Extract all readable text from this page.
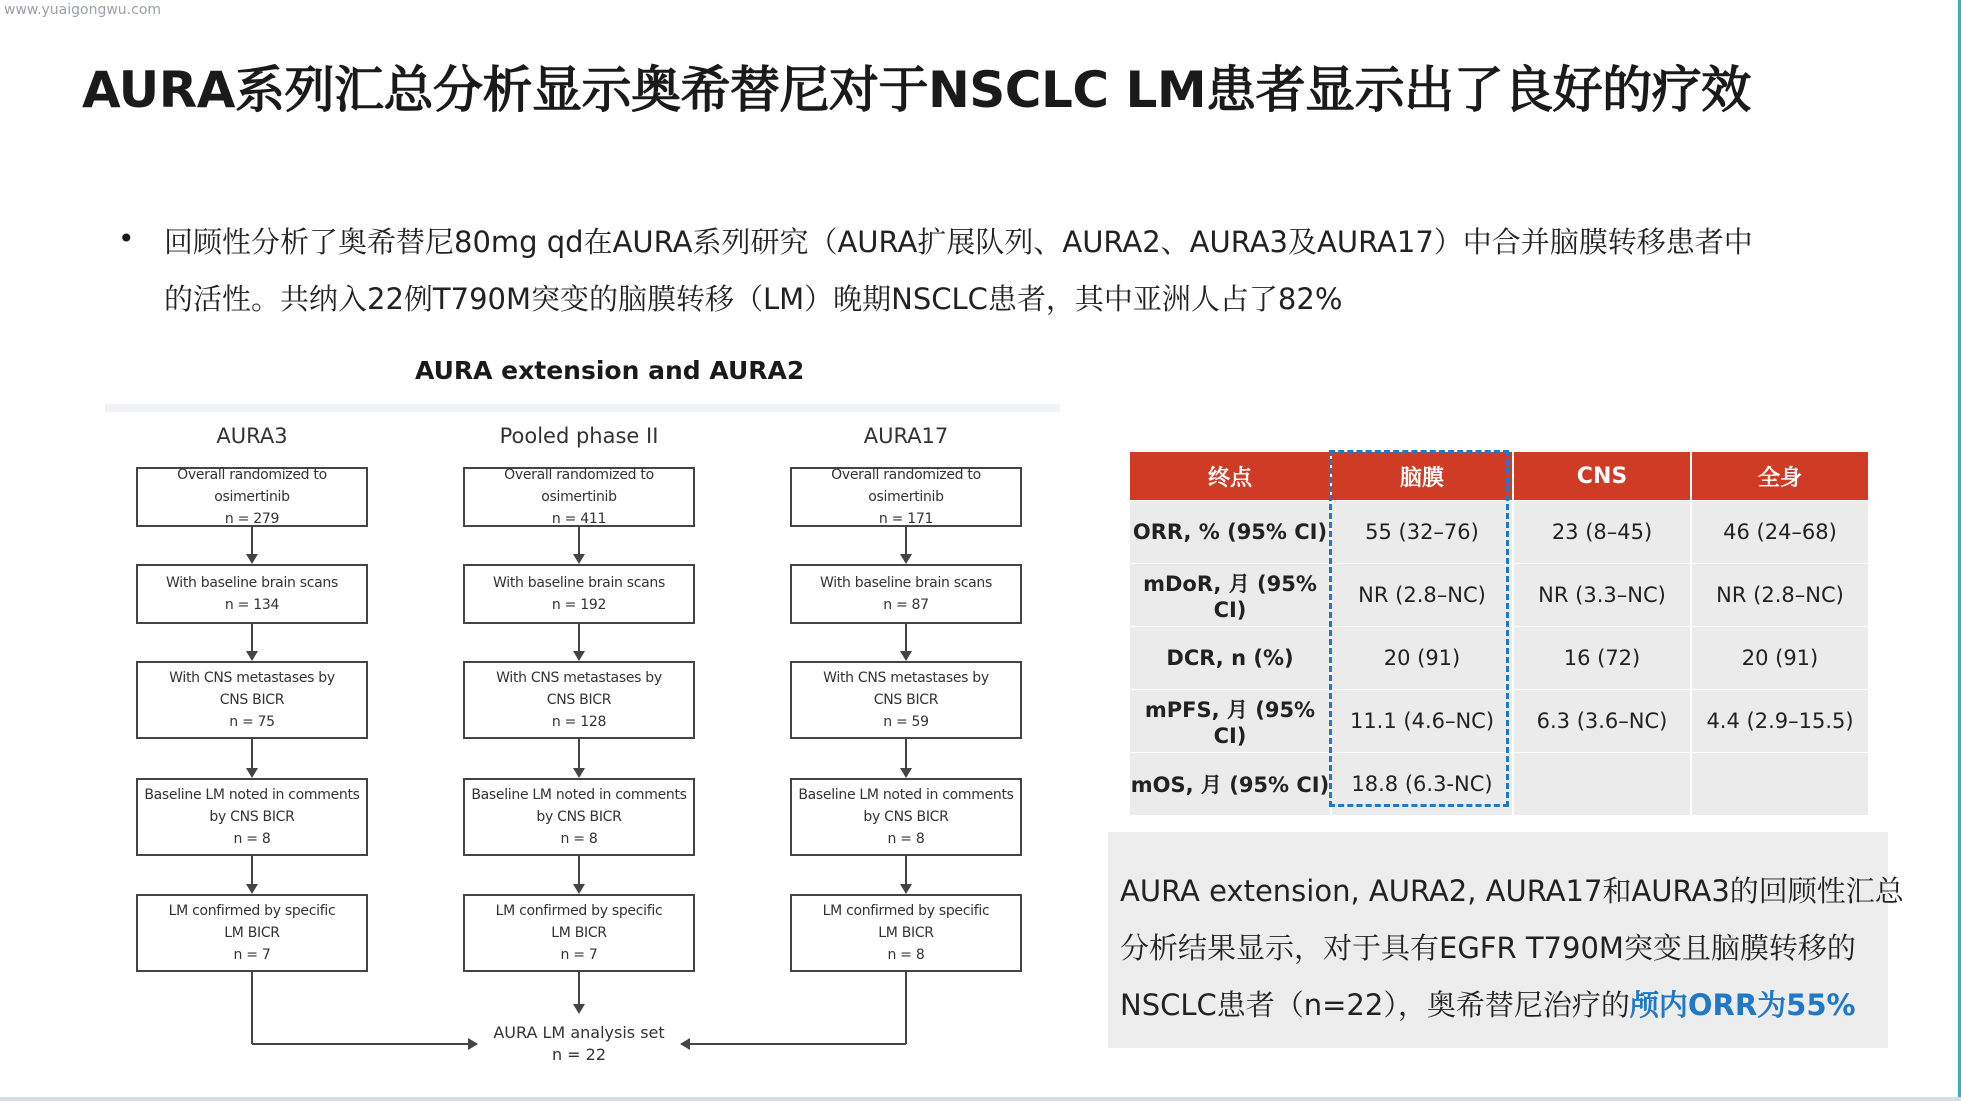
www.yuaigongwu.com
AURA系列汇总分析显示奥希替尼对于NSCLC LM患者显示出了良好的疗效
• 回顾性分析了奥希替尼80mg qd在AURA系列研究（AURA扩展队列、AURA2、AURA3及AURA17）中合并脑膜转移患者中
的活性。共纳入22例T790M突变的脑膜转移（LM）晚期NSCLC患者，其中亚洲人占了82%
AURA extension and AURA2
AURA3
Overall randomized to osimertinib
n = 279
With baseline brain scans
n = 134
With CNS metastases by
CNS BICR
n = 75
Baseline LM noted in comments
by CNS BICR
n = 8
LM confirmed by specific
LM BICR
n = 7
Pooled phase II
Overall randomized to osimertinib
n = 411
With baseline brain scans
n = 192
With CNS metastases by
CNS BICR
n = 128
Baseline LM noted in comments
by CNS BICR
n = 8
LM confirmed by specific
LM BICR
n = 7
AURA17
Overall randomized to osimertinib
n = 171
With baseline brain scans
n = 87
With CNS metastases by
CNS BICR
n = 59
Baseline LM noted in comments
by CNS BICR
n = 8
LM confirmed by specific
LM BICR
n = 8
AURA LM analysis set
n = 22
终点	脑膜	CNS	全身
ORR, % (95% CI)	55 (32–76)	23 (8–45)	46 (24–68)
mDoR, 月 (95% CI)	NR (2.8–NC)	NR (3.3–NC)	NR (2.8–NC)
DCR, n (%)	20 (91)	16 (72)	20 (91)
mPFS, 月 (95% CI)	11.1 (4.6–NC)	6.3 (3.6–NC)	4.4 (2.9–15.5)
mOS, 月 (95% CI)	18.8 (6.3-NC)		
AURA extension, AURA2, AURA17和AURA3的回顾性汇总
分析结果显示，对于具有EGFR T790M突变且脑膜转移的
NSCLC患者（n=22），奥希替尼治疗的颅内ORR为55%
